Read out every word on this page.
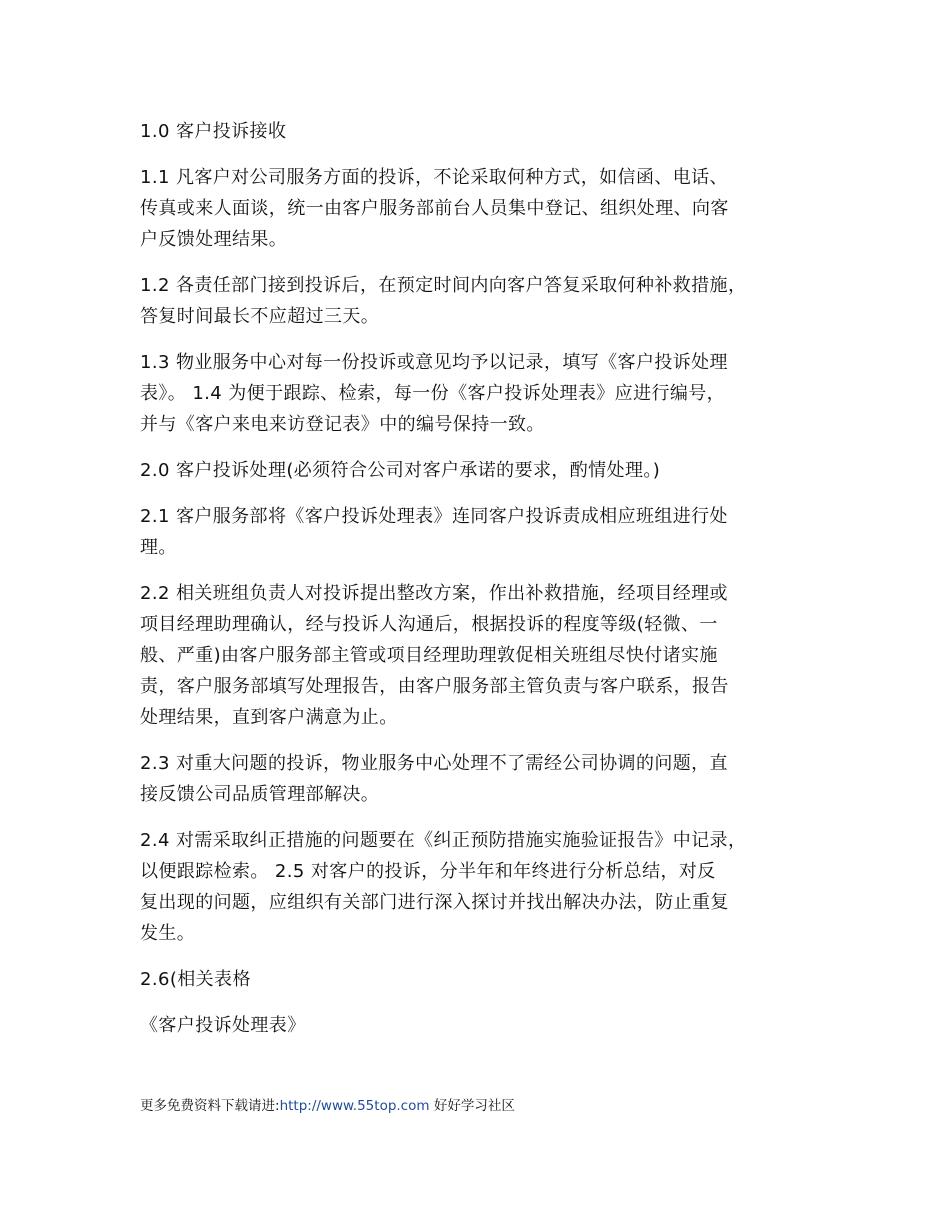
1.0 客户投诉接收

1.1 凡客户对公司服务方面的投诉，不论采取何种方式，如信函、电话、
传真或来人面谈，统一由客户服务部前台人员集中登记、组织处理、向客
户反馈处理结果。

1.2 各责任部门接到投诉后，在预定时间内向客户答复采取何种补救措施，
答复时间最长不应超过三天。

1.3 物业服务中心对每一份投诉或意见均予以记录，填写《客户投诉处理
表》。 1.4 为便于跟踪、检索，每一份《客户投诉处理表》应进行编号，
并与《客户来电来访登记表》中的编号保持一致。

2.0 客户投诉处理(必须符合公司对客户承诺的要求，酌情处理。)

2.1 客户服务部将《客户投诉处理表》连同客户投诉责成相应班组进行处
理。

2.2 相关班组负责人对投诉提出整改方案，作出补救措施，经项目经理或
项目经理助理确认，经与投诉人沟通后，根据投诉的程度等级(轻微、一
般、严重)由客户服务部主管或项目经理助理敦促相关班组尽快付诸实施
责，客户服务部填写处理报告，由客户服务部主管负责与客户联系，报告
处理结果，直到客户满意为止。

2.3 对重大问题的投诉，物业服务中心处理不了需经公司协调的问题，直
接反馈公司品质管理部解决。

2.4 对需采取纠正措施的问题要在《纠正预防措施实施验证报告》中记录，
以便跟踪检索。 2.5 对客户的投诉，分半年和年终进行分析总结，对反
复出现的问题，应组织有关部门进行深入探讨并找出解决办法，防止重复
发生。

2.6(相关表格

《客户投诉处理表》

更多免费资料下载请进:http://www.55top.com 好好学习社区
